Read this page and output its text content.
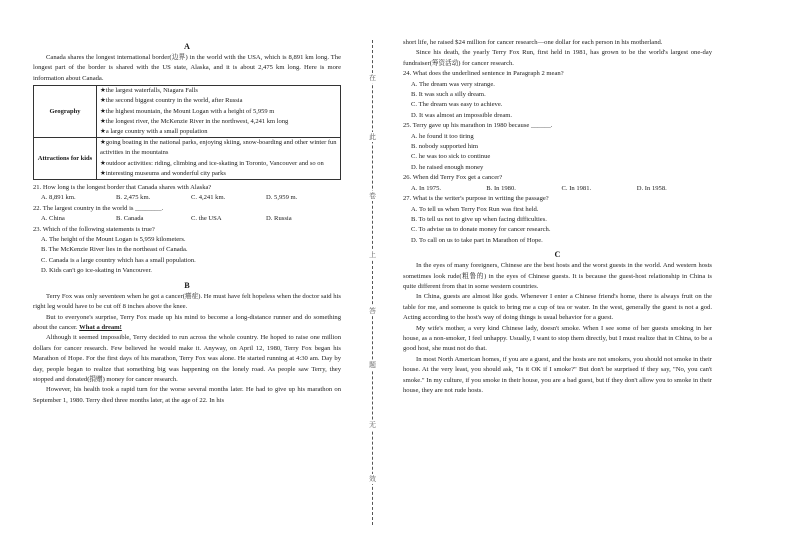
A

Canada shares the longest international border(边界) in the world with the USA, which is 8,891 km long. The longest part of the border is shared with the US state, Alaska, and it is about 2,475 km long. Here is more information about Canada.

Geography	★the largest waterfalls, Niagara Falls
★the second biggest country in the world, after Russia
★the highest mountain, the Mount Logan with a height of 5,959 m
★the longest river, the McKenzie River in the northwest, 4,241 km long
★a large country with a small population

Attractions for kids	★going boating in the national parks, enjoying skiing, snow-boarding and other winter fun activities in the mountains
★outdoor activities: riding, climbing and ice-skating in Toronto, Vancouver and so on
★interesting museums and wonderful city parks

21. How long is the longest border that Canada shares with Alaska?

A. 8,891 km.	B. 2,475 km.	C. 4,241 km.	D. 5,959 m.

22. The largest country in the world is ________.

A. China	B. Canada	C. the USA	D. Russia

23. Which of the following statements is true?

A. The height of the Mount Logan is 5,959 kilometers.
B. The McKenzie River lies in the northeast of Canada.
C. Canada is a large country which has a small population.
D. Kids can't go ice-skating in Vancouver.
B

Terry Fox was only seventeen when he got a cancer(癌症). He must have felt hopeless when the doctor said his right leg would have to be cut off 8 inches above the knee.

But to everyone's surprise, Terry Fox made up his mind to become a long-distance runner and do something about the cancer. What a dream!

Although it seemed impossible, Terry decided to run across the whole country. He hoped to raise one million dollars for cancer research. Few believed he would make it. Anyway, on April 12, 1980, Terry Fox began his Marathon of Hope. For the first days of his marathon, Terry Fox was alone. He started running at 4:30 am. Day by day, people began to realize that something big was happening on the lonely road. As people saw Terry, they stopped and donated(捐赠) money for cancer research.

However, his health took a rapid turn for the worse several months later. He had to give up his marathon on September 1, 1980. Terry died three months later, at the age of 22. In his

在
此
卷
上
答
题
无
效

short life, he raised $24 million for cancer research—one dollar for each person in his motherland.

Since his death, the yearly Terry Fox Run, first held in 1981, has grown to be the world's largest one-day fundraiser(筹资活动) for cancer research.

24. What does the underlined sentence in Paragraph 2 mean?

A. The dream was very strange.
B. It was such a silly dream.
C. The dream was easy to achieve.
D. It was almost an impossible dream.

25. Terry gave up his marathon in 1980 because ______.

A. he found it too tiring
B. nobody supported him
C. he was too sick to continue
D. he raised enough money

26. When did Terry Fox get a cancer?

A. In 1975.	B. In 1980.	C. In 1981.	D. In 1958.

27. What is the writer's purpose in writing the passage?

A. To tell us when Terry Fox Run was first held.
B. To tell us not to give up when facing difficulties.
C. To advise us to donate money for cancer research.
D. To call on us to take part in Marathon of Hope.
C

In the eyes of many foreigners, Chinese are the best hosts and the worst guests in the world. And western hosts sometimes look rude(粗鲁的) in the eyes of Chinese guests. It is because the guest-host relationship in China is quite different from that in some western countries.

In China, guests are almost like gods. Whenever I enter a Chinese friend's home, there is always fruit on the table for me, and someone is quick to bring me a cup of tea or water. In the west, generally the guest is not a god. Acting according to the host's way of doing things is usual behavior for a guest.

My wife's mother, a very kind Chinese lady, doesn't smoke. When I see some of her guests smoking in her house, as a non-smoker, I feel unhappy. Usually, I want to stop them directly, but I must realize that in China, to be a good host, she must not do that.

In most North American homes, if you are a guest, and the hosts are not smokers, you should not smoke in their house. At the very least, you should ask, "Is it OK if I smoke?" But don't be surprised if they say, "No, you can't smoke." In my culture, if you smoke in their house, you are a bad guest, but if they don't allow you to smoke in their house, they are not rude hosts.
